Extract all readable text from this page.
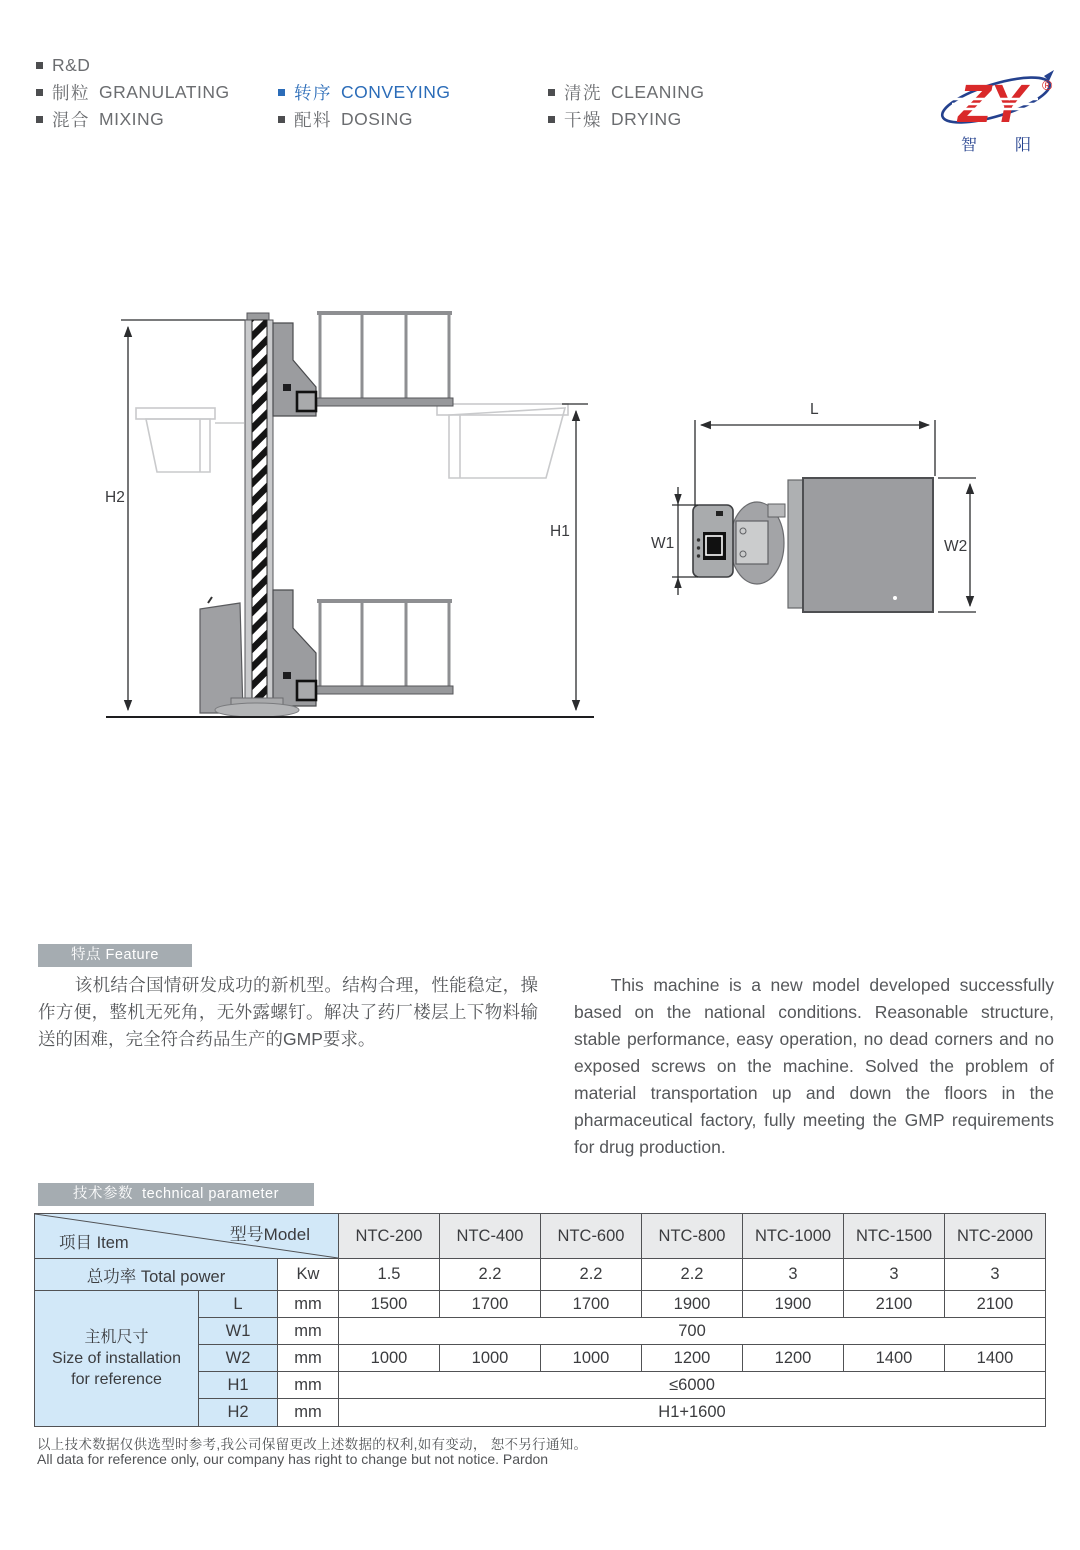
R&D
制粒 GRANULATING
混合 MIXING
转序 CONVEYING
配料 DOSING
清洗 CLEANING
干燥 DRYING	ZY	®
智阳
H2
H1
L
W1	W2
特点 Feature
该机结合国情研发成功的新机型。结构合理，性能稳定，操作方便，整机无死角，无外露螺钉。解决了药厂楼层上下物料输送的困难，完全符合药品生产的GMP要求。
This machine is a new model developed successfully based on the national conditions. Reasonable structure, stable performance, easy operation, no dead corners and no exposed screws on the machine. Solved the problem of material transportation up and down the floors in the pharmaceutical factory, fully meeting the GMP requirements for drug production.
技术参数  technical parameter
项目 Item 型号Model			NTC-200	NTC-400	NTC-600	NTC-800	NTC-1000	NTC-1500	NTC-2000
总功率 Total power		Kw	1.5	2.2	2.2	2.2	3	3	3

主机尺寸
Size of installation
for reference	L	mm	1500	1700	1700	1900	1900	2100	2100
	W1	mm	700						
	W2	mm	1000	1000	1000	1200	1200	1400	1400
	H1	mm	≤6000						
	H2	mm	H1+1600						
以上技术数据仅供选型时参考,我公司保留更改上述数据的权利,如有变动， 恕不另行通知。
All data for reference only, our company has right to change but not notice. Pardon
